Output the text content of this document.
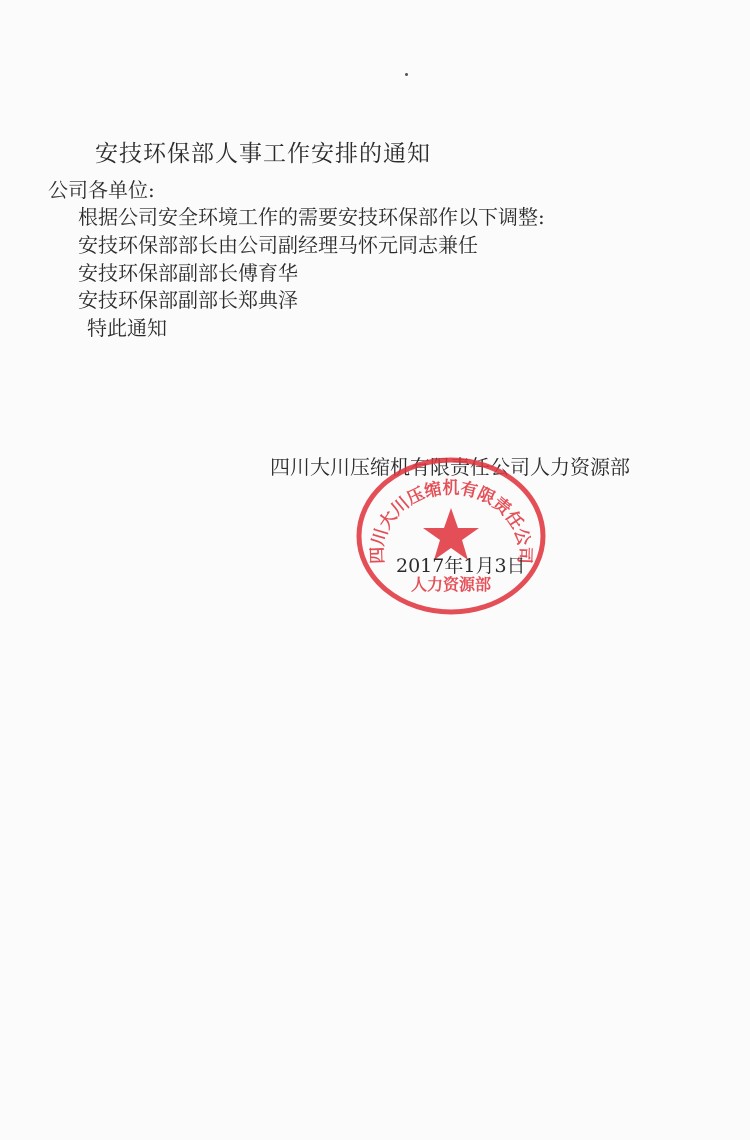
安技环保部人事工作安排的通知
公司各单位:
根据公司安全环境工作的需要安技环保部作以下调整:
安技环保部部长由公司副经理马怀元同志兼任
安技环保部副部长傅育华
安技环保部副部长郑典泽
特此通知
四川大川压缩机有限责任公司人力资源部
四川大川压缩机有限责任公司
人力资源部
2017年1月3日
